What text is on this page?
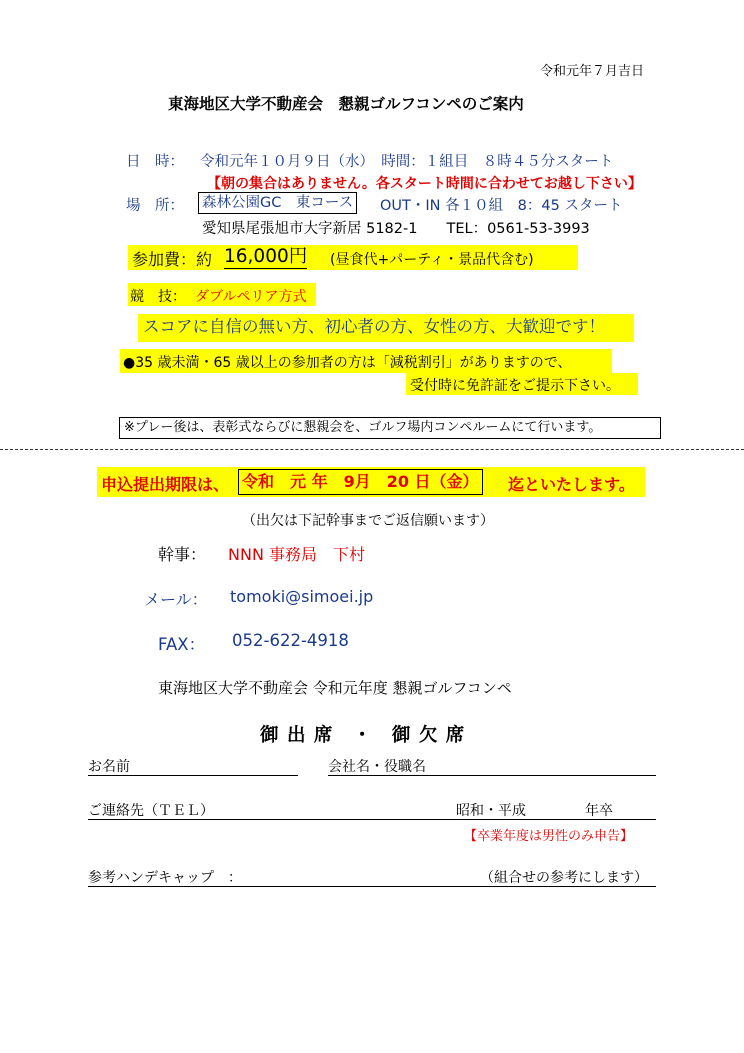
令和元年７月吉日
東海地区大学不動産会　懇親ゴルフコンペのご案内
日　時： 令和元年１０月９日（水）　時間：１組目　８時４５分スタート
【朝の集合はありません。各スタート時間に合わせてお越し下さい】
場　所： 森林公園GC　東コース OUT・IN 各１０組　8：45 スタート
愛知県尾張旭市大字新居 5182-1　　TEL：0561-53-3993
参加費：約 16,000円 (昼食代+パーティ・景品代含む)
競　技： ダブルペリア方式
スコアに自信の無い方、初心者の方、女性の方、大歓迎です！
●35 歳未満・65 歳以上の参加者の方は「減税割引」がありますので、
受付時に免許証をご提示下さい。
※プレー後は、表彰式ならびに懇親会を、ゴルフ場内コンペルームにて行います。
申込提出期限は、 令和　元 年　9月　20 日（金） 迄といたします。
（出欠は下記幹事までご返信願います）
幹事： NNN 事務局　下村
メール： tomoki@simoei.jp
FAX： 052-622-4918
東海地区大学不動産会 令和元年度 懇親ゴルフコンペ
御 出 席　・　御 欠 席
お名前	会社名・役職名
ご連絡先（ＴＥＬ）	昭和・平成	年卒
【卒業年度は男性のみ申告】
参考ハンデキャップ　：	（組合せの参考にします）
